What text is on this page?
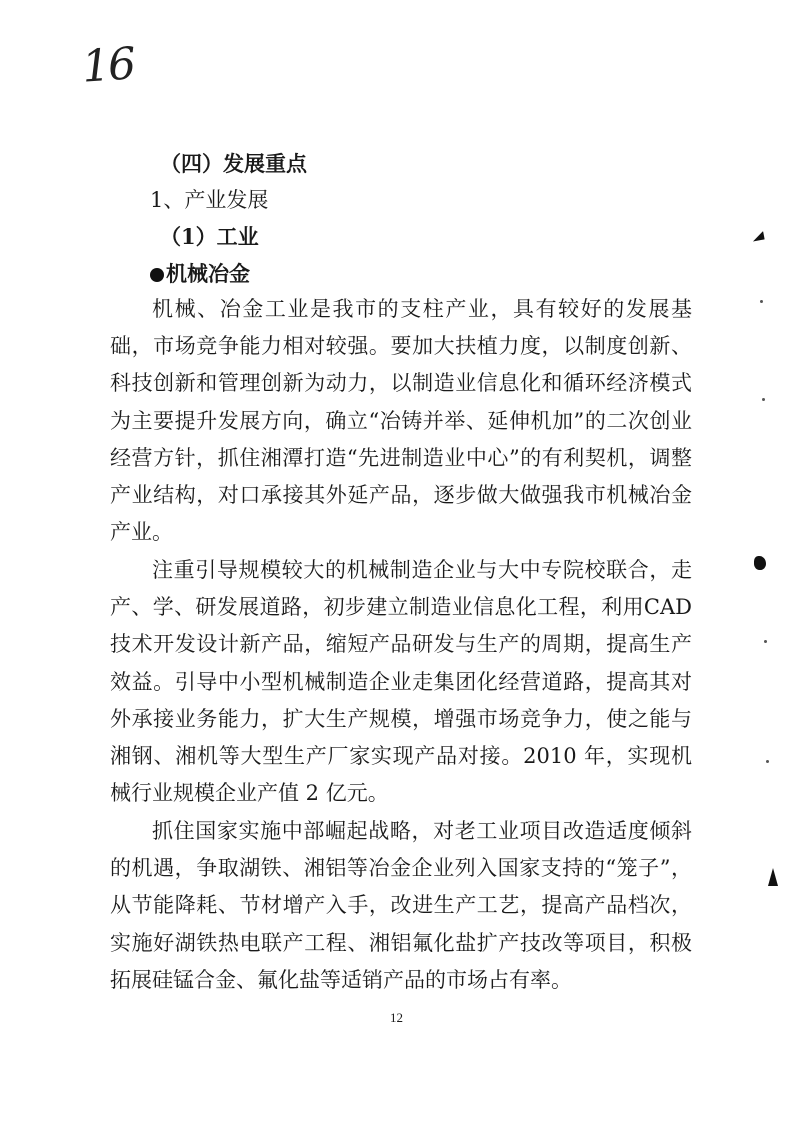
16
（四）发展重点
1、产业发展
（1）工业
机械冶金

机械、冶金工业是我市的支柱产业，具有较好的发展基础，市场竞争能力相对较强。要加大扶植力度，以制度创新、科技创新和管理创新为动力，以制造业信息化和循环经济模式为主要提升发展方向，确立“冶铸并举、延伸机加”的二次创业经营方针，抓住湘潭打造“先进制造业中心”的有利契机，调整产业结构，对口承接其外延产品，逐步做大做强我市机械冶金产业。

注重引导规模较大的机械制造企业与大中专院校联合，走产、学、研发展道路，初步建立制造业信息化工程，利用CAD技术开发设计新产品，缩短产品研发与生产的周期，提高生产效益。引导中小型机械制造企业走集团化经营道路，提高其对外承接业务能力，扩大生产规模，增强市场竞争力，使之能与湘钢、湘机等大型生产厂家实现产品对接。2010 年，实现机械行业规模企业产值 2 亿元。

抓住国家实施中部崛起战略，对老工业项目改造适度倾斜的机遇，争取湖铁、湘铝等冶金企业列入国家支持的“笼子”，从节能降耗、节材增产入手，改进生产工艺，提高产品档次，实施好湖铁热电联产工程、湘铝氟化盐扩产技改等项目，积极拓展硅锰合金、氟化盐等适销产品的市场占有率。

12
